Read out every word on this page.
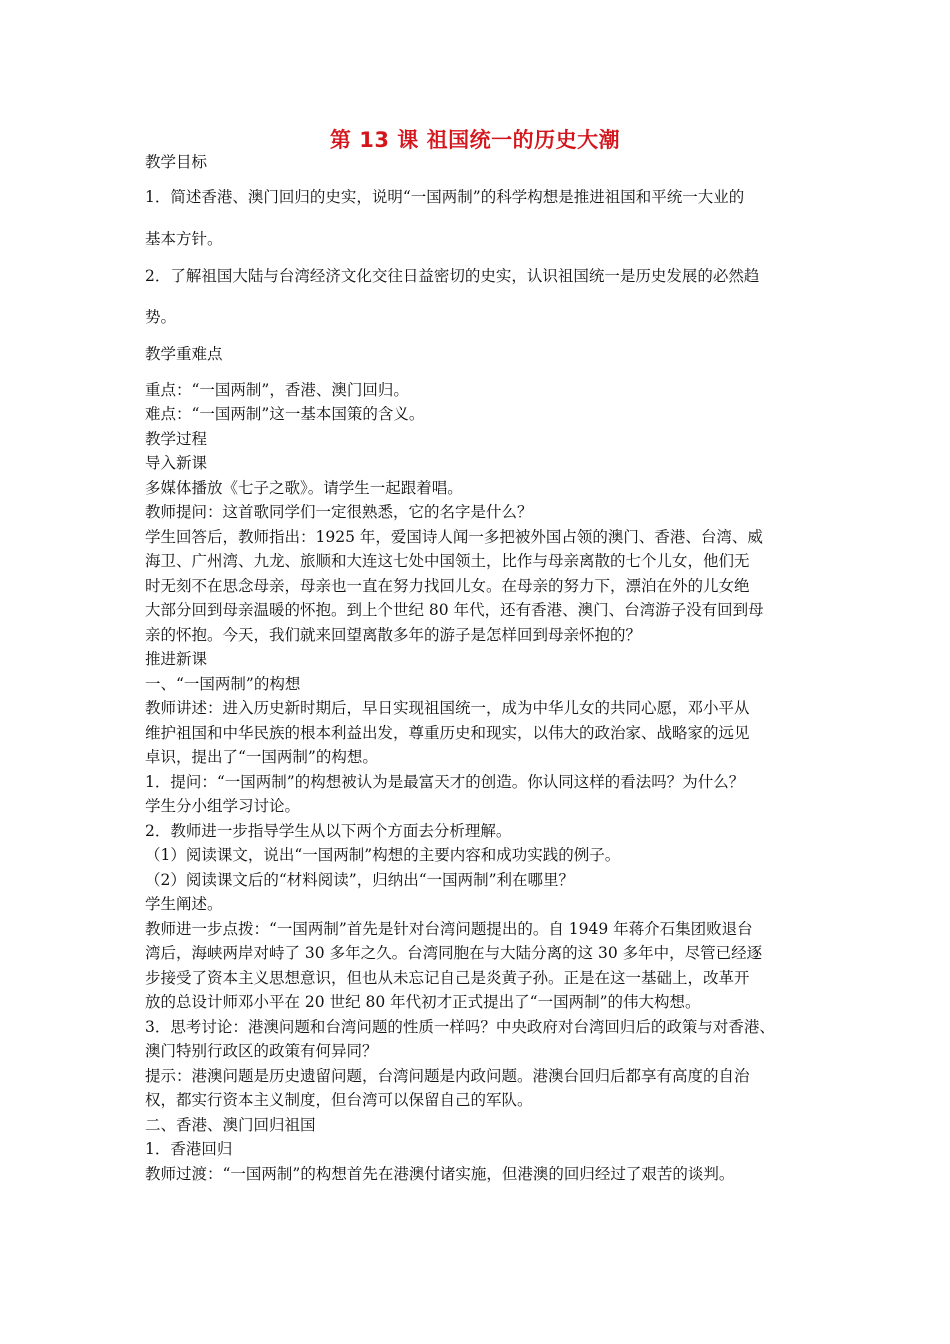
第 13 课 祖国统一的历史大潮
教学目标
1．简述香港、澳门回归的史实，说明“一国两制”的科学构想是推进祖国和平统一大业的
基本方针。
2．了解祖国大陆与台湾经济文化交往日益密切的史实，认识祖国统一是历史发展的必然趋
势。
教学重难点
重点：“一国两制”，香港、澳门回归。
难点：“一国两制”这一基本国策的含义。
教学过程
导入新课
多媒体播放《七子之歌》。请学生一起跟着唱。
教师提问：这首歌同学们一定很熟悉，它的名字是什么？
学生回答后，教师指出：1925 年，爱国诗人闻一多把被外国占领的澳门、香港、台湾、威
海卫、广州湾、九龙、旅顺和大连这七处中国领土，比作与母亲离散的七个儿女，他们无
时无刻不在思念母亲，母亲也一直在努力找回儿女。在母亲的努力下，漂泊在外的儿女绝
大部分回到母亲温暖的怀抱。到上个世纪 80 年代，还有香港、澳门、台湾游子没有回到母
亲的怀抱。今天，我们就来回望离散多年的游子是怎样回到母亲怀抱的？
推进新课
一、“一国两制”的构想
教师讲述：进入历史新时期后，早日实现祖国统一，成为中华儿女的共同心愿，邓小平从
维护祖国和中华民族的根本利益出发，尊重历史和现实，以伟大的政治家、战略家的远见
卓识，提出了“一国两制”的构想。
1．提问：“一国两制”的构想被认为是最富天才的创造。你认同这样的看法吗？为什么？
学生分小组学习讨论。
2．教师进一步指导学生从以下两个方面去分析理解。
（1）阅读课文，说出“一国两制”构想的主要内容和成功实践的例子。
（2）阅读课文后的“材料阅读”，归纳出“一国两制”利在哪里？
学生阐述。
教师进一步点拨：“一国两制”首先是针对台湾问题提出的。自 1949 年蒋介石集团败退台
湾后，海峡两岸对峙了 30 多年之久。台湾同胞在与大陆分离的这 30 多年中，尽管已经逐
步接受了资本主义思想意识，但也从未忘记自己是炎黄子孙。正是在这一基础上，改革开
放的总设计师邓小平在 20 世纪 80 年代初才正式提出了“一国两制”的伟大构想。
3．思考讨论：港澳问题和台湾问题的性质一样吗？中央政府对台湾回归后的政策与对香港、
澳门特别行政区的政策有何异同？
提示：港澳问题是历史遗留问题，台湾问题是内政问题。港澳台回归后都享有高度的自治
权，都实行资本主义制度，但台湾可以保留自己的军队。
二、香港、澳门回归祖国
1．香港回归
教师过渡：“一国两制”的构想首先在港澳付诸实施，但港澳的回归经过了艰苦的谈判。
